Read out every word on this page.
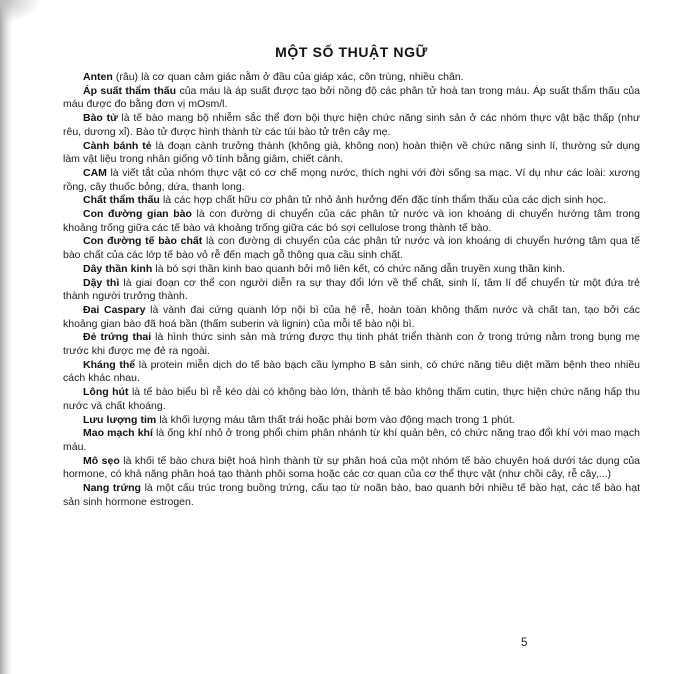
MỘT SỐ THUẬT NGỮ

Anten (râu) là cơ quan cảm giác nằm ở đầu của giáp xác, côn trùng, nhiều chân.

Áp suất thẩm thấu của máu là áp suất được tạo bởi nồng độ các phân tử hoà tan trong máu. Áp suất thẩm thấu của máu được đo bằng đơn vị mOsm/l.

Bào tử là tế bào mang bộ nhiễm sắc thể đơn bội thực hiện chức năng sinh sản ở các nhóm thực vật bậc thấp (như rêu, dương xỉ). Bào tử được hình thành từ các túi bào tử trên cây mẹ.

Cành bánh tẻ là đoạn cành trưởng thành (không già, không non) hoàn thiện về chức năng sinh lí, thường sử dụng làm vật liệu trong nhân giống vô tính bằng giâm, chiết cành.

CAM là viết tắt của nhóm thực vật có cơ chế mọng nước, thích nghi với đời sống sa mạc. Ví dụ như các loài: xương rồng, cây thuốc bỏng, dứa, thanh long.

Chất thẩm thấu là các hợp chất hữu cơ phân tử nhỏ ảnh hưởng đến đặc tính thẩm thấu của các dịch sinh học.

Con đường gian bào là con đường di chuyển của các phân tử nước và ion khoáng di chuyển hướng tâm trong khoảng trống giữa các tế bào và khoảng trống giữa các bó sợi cellulose trong thành tế bào.

Con đường tế bào chất là con đường di chuyển của các phân tử nước và ion khoáng di chuyển hướng tâm qua tế bào chất của các lớp tế bào vỏ rễ đến mạch gỗ thông qua cầu sinh chất.

Dây thần kinh là bó sợi thần kinh bao quanh bởi mô liên kết, có chức năng dẫn truyền xung thần kinh.

Dậy thì là giai đoạn cơ thể con người diễn ra sự thay đổi lớn về thể chất, sinh lí, tâm lí để chuyển từ một đứa trẻ thành người trưởng thành.

Đai Caspary là vành đai cứng quanh lớp nội bì của hệ rễ, hoàn toàn không thấm nước và chất tan, tạo bởi các khoảng gian bào đã hoá bần (thấm suberin và lignin) của mỗi tế bào nội bì.

Đẻ trứng thai là hình thức sinh sản mà trứng được thụ tinh phát triển thành con ở trong trứng nằm trong bụng mẹ trước khi được mẹ đẻ ra ngoài.

Kháng thể là protein miễn dịch do tế bào bạch cầu lympho B sản sinh, có chức năng tiêu diệt mầm bệnh theo nhiều cách khác nhau.

Lông hút là tế bào biểu bì rễ kéo dài có không bào lớn, thành tế bào không thấm cutin, thực hiện chức năng hấp thu nước và chất khoáng.

Lưu lượng tim là khối lượng máu tâm thất trái hoặc phải bơm vào động mạch trong 1 phút.

Mao mạch khí là ống khí nhỏ ở trong phổi chim phân nhánh từ khí quản bên, có chức năng trao đổi khí với mao mạch máu.

Mô sẹo là khối tế bào chưa biệt hoá hình thành từ sự phân hoá của một nhóm tế bào chuyên hoá dưới tác dụng của hormone, có khả năng phân hoá tạo thành phôi soma hoặc các cơ quan của cơ thể thực vật (như chồi cây, rễ cây,...)

Nang trứng là một cấu trúc trong buồng trứng, cấu tạo từ noãn bào, bao quanh bởi nhiều tế bào hạt, các tế bào hạt sản sinh hormone estrogen.

5
